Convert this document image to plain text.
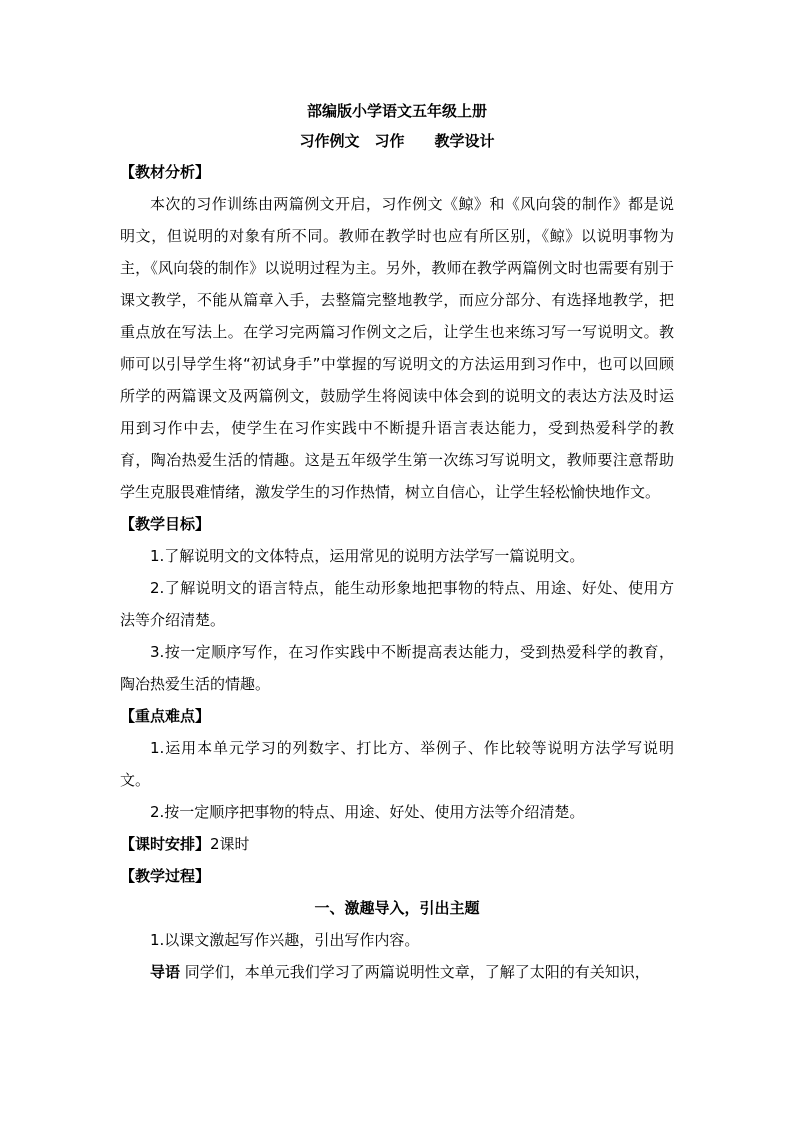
部编版小学语文五年级上册

习作例文　习作　　教学设计

【教材分析】

本次的习作训练由两篇例文开启，习作例文《鲸》和《风向袋的制作》都是说明文，但说明的对象有所不同。教师在教学时也应有所区别，《鲸》以说明事物为主，《风向袋的制作》以说明过程为主。另外，教师在教学两篇例文时也需要有别于课文教学，不能从篇章入手，去整篇完整地教学，而应分部分、有选择地教学，把重点放在写法上。在学习完两篇习作例文之后，让学生也来练习写一写说明文。教师可以引导学生将“初试身手”中掌握的写说明文的方法运用到习作中，也可以回顾所学的两篇课文及两篇例文，鼓励学生将阅读中体会到的说明文的表达方法及时运用到习作中去，使学生在习作实践中不断提升语言表达能力，受到热爱科学的教育，陶冶热爱生活的情趣。这是五年级学生第一次练习写说明文，教师要注意帮助学生克服畏难情绪，激发学生的习作热情，树立自信心，让学生轻松愉快地作文。

【教学目标】

1.了解说明文的文体特点，运用常见的说明方法学写一篇说明文。

2.了解说明文的语言特点，能生动形象地把事物的特点、用途、好处、使用方法等介绍清楚。

3.按一定顺序写作，在习作实践中不断提高表达能力，受到热爱科学的教育，陶冶热爱生活的情趣。

【重点难点】

1.运用本单元学习的列数字、打比方、举例子、作比较等说明方法学写说明文。

2.按一定顺序把事物的特点、用途、好处、使用方法等介绍清楚。

【课时安排】2课时

【教学过程】

一、激趣导入，引出主题

1.以课文激起写作兴趣，引出写作内容。

导语 同学们，本单元我们学习了两篇说明性文章，了解了太阳的有关知识，
